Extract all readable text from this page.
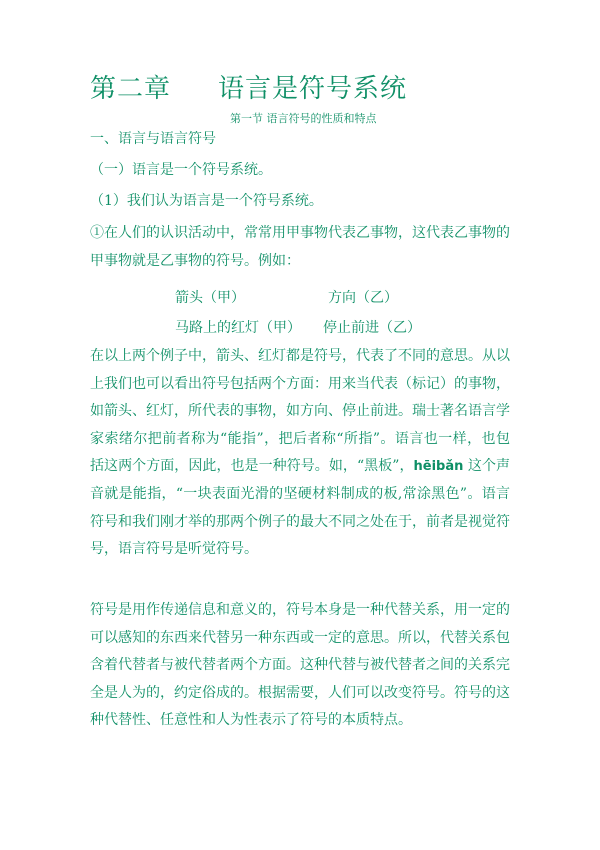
第二章 语言是符号系统
第一节 语言符号的性质和特点
一、语言与语言符号
（一）语言是一个符号系统。
（1）我们认为语言是一个符号系统。
①在人们的认识活动中，常常用甲事物代表乙事物，这代表乙事物的甲事物就是乙事物的符号。例如：
箭头（甲）	方向（乙）
马路上的红灯（甲） 停止前进（乙）
在以上两个例子中，箭头、红灯都是符号，代表了不同的意思。从以上我们也可以看出符号包括两个方面：用来当代表（标记）的事物，如箭头、红灯，所代表的事物，如方向、停止前进。瑞士著名语言学家索绪尔把前者称为“能指”，把后者称“所指”。语言也一样，也包括这两个方面，因此，也是一种符号。如，“黑板”，hēibǎn 这个声音就是能指，“一块表面光滑的坚硬材料制成的板,常涂黑色”。语言符号和我们刚才举的那两个例子的最大不同之处在于，前者是视觉符号，语言符号是听觉符号。
符号是用作传递信息和意义的，符号本身是一种代替关系，用一定的可以感知的东西来代替另一种东西或一定的意思。所以，代替关系包含着代替者与被代替者两个方面。这种代替与被代替者之间的关系完全是人为的，约定俗成的。根据需要，人们可以改变符号。符号的这种代替性、任意性和人为性表示了符号的本质特点。
